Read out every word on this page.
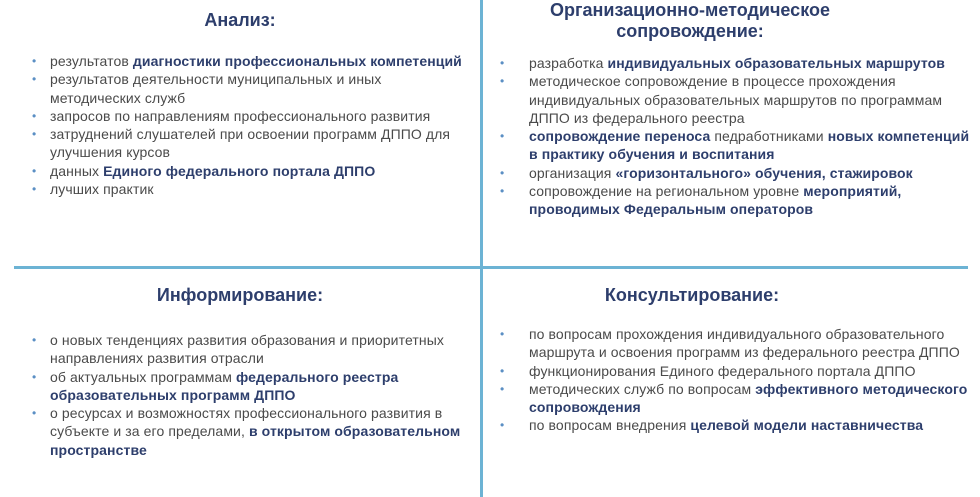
Анализ:
• результатов диагностики профессиональных компетенций
• результатов деятельности муниципальных и иных методических служб
• запросов по направлениям профессионального развития
• затруднений слушателей при освоении программ ДППО для улучшения курсов
• данных Единого федерального портала ДППО
• лучших практик
Организационно-методическое сопровождение:
• разработка индивидуальных образовательных маршрутов
• методическое сопровождение в процессе прохождения индивидуальных образовательных маршрутов по программам ДППО из федерального реестра
• сопровождение переноса педработниками новых компетенций в практику обучения и воспитания
• организация «горизонтального» обучения, стажировок
• сопровождение на региональном уровне мероприятий, проводимых Федеральным операторов
Информирование:
• о новых тенденциях развития образования и приоритетных направлениях развития отрасли
• об актуальных программам федерального реестра образовательных программ ДППО
• о ресурсах и возможностях профессионального развития в субъекте и за его пределами, в открытом образовательном пространстве
Консультирование:
• по вопросам прохождения индивидуального образовательного маршрута и освоения программ из федерального реестра ДППО
• функционирования Единого федерального портала ДППО
• методических служб по вопросам эффективного методического сопровождения
• по вопросам внедрения целевой модели наставничества
